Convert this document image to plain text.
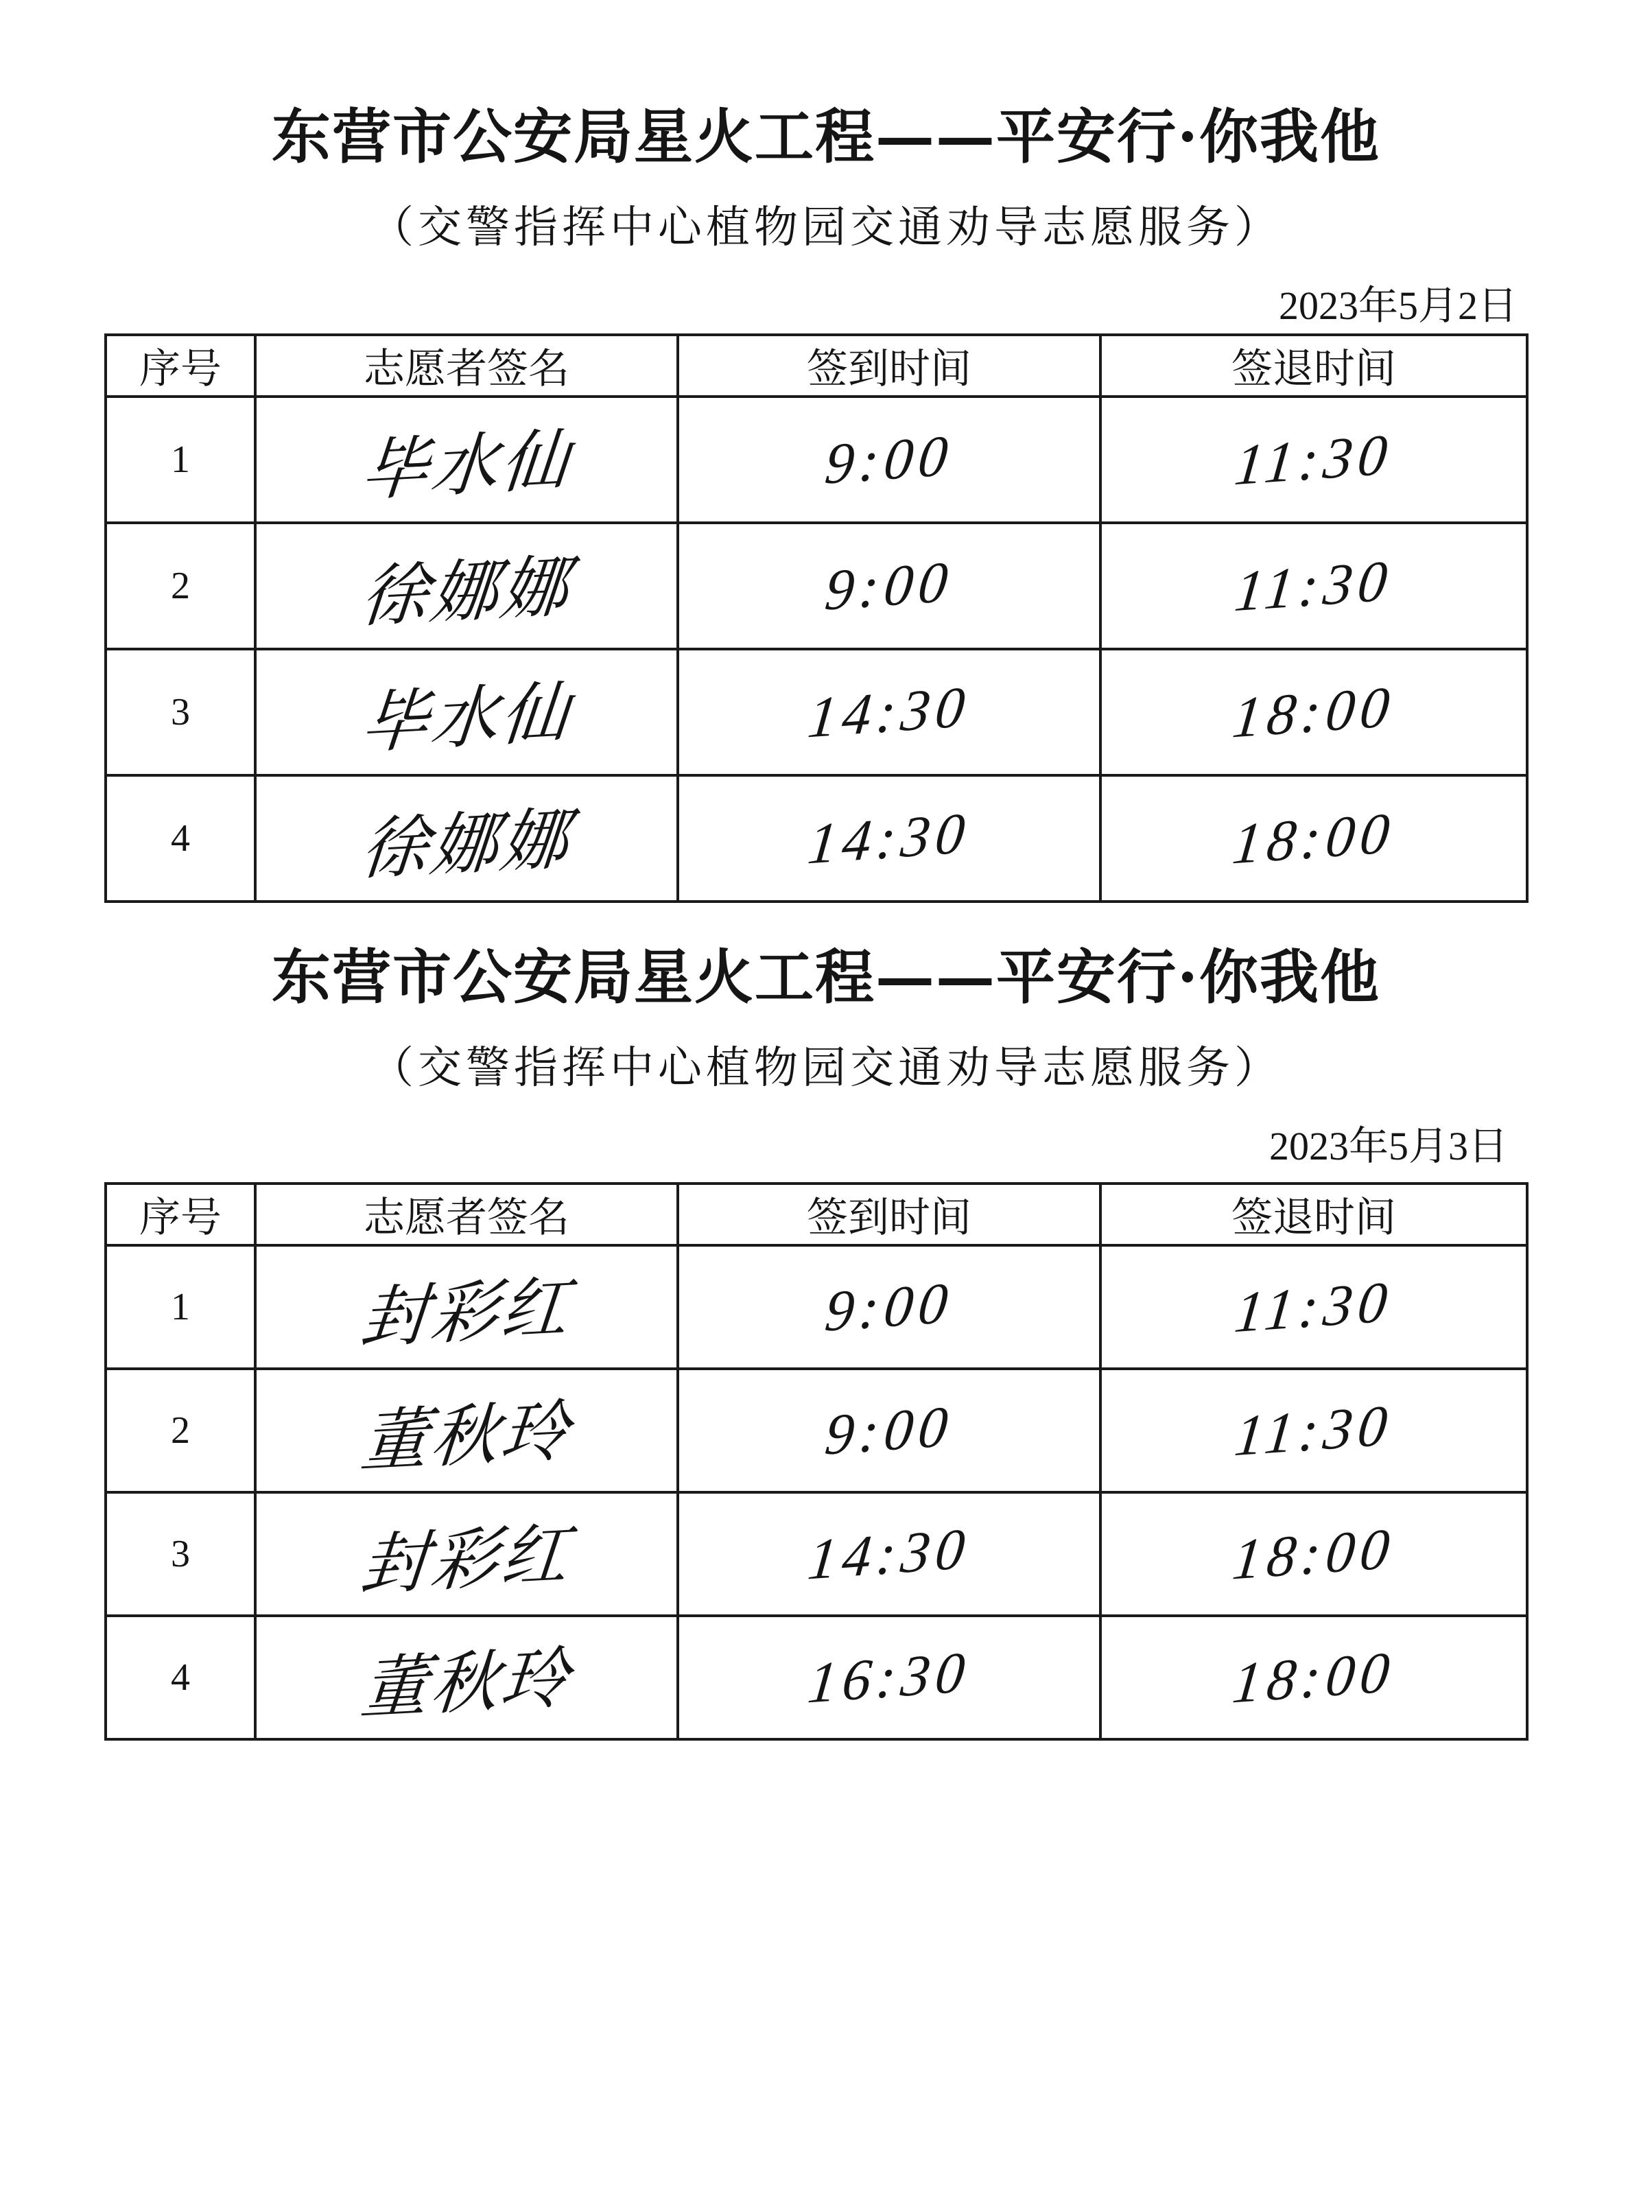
东营市公安局星火工程——平安行·你我他
（交警指挥中心植物园交通劝导志愿服务）
2023年5月2日
序号	志愿者签名	签到时间	签退时间
1	毕水仙	9:00	11:30
2	徐娜娜	9:00	11:30
3	毕水仙	14:30	18:00
4	徐娜娜	14:30	18:00
东营市公安局星火工程——平安行·你我他
（交警指挥中心植物园交通劝导志愿服务）
2023年5月3日
序号	志愿者签名	签到时间	签退时间
1	封彩红	9:00	11:30
2	董秋玲	9:00	11:30
3	封彩红	14:30	18:00
4	董秋玲	16:30	18:00
